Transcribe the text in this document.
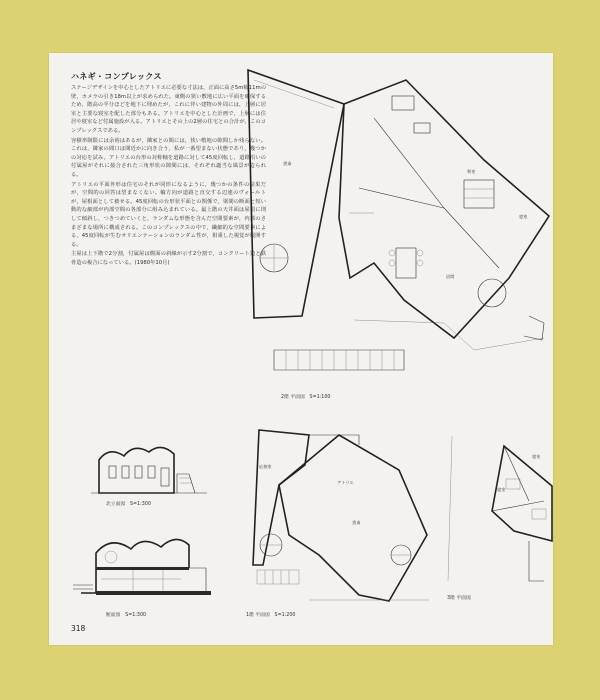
ハネギ・コンプレックス

ステージデザインを中心としたアトリエに必要な寸法は，正面に高さ5m幅11mの壁，カメラの引き18m以上が求められた。東側の狭い敷地に広い平面を確保するため，階高の半分ほどを地下に埋めたが，これに伴い建物の外周には，上層に居室と主要な寝室を配した部分もある。アトリエを中心とした計画で，上層には住居や寝室など付属施設が入る。アトリエとその上の2層の住宅との合計が，このコンプレックスである。

容積率制限には余裕はあるが，隣家との間には，狭い敷地の隙間しか残らない。これは，隣家の間口は間近かに向き合う，私が一番望まない状態であり，幾つかの対応を試み，アトリエの台形の対称軸を道路に対して45度回転し，道路沿いの付属屋がそれに接合された三角形状の隙間には，それぞれ適当な風景が造られる。

アトリエの平面外形は住宅のそれが同形になるように，幾つかの条件の結果だが，空間的の回答は望まなくない。輪方向が道路と直交する辺連のヴォールトが，屋根面として被せる。45度回転の台形状平面との関係で，梁間の断面と短い動的な細部が内部空間の各部分に組み込まれている。最上階の天井面は屋根に則して傾斜し，つきつめていくと，ランダムな形態を含んだ空間要素が，内部のさまざまな場所に構成される。このコンプレックスの中で，繊細的な空間要素による，45度回転が生むオリエンテーションのランダム性が，相乗した視覚が展開する。

主屋は上下階で2分割，付属屋は側面の斜線が示す2分割で，コンクリート造と鉄骨造の複合になっている。(1980年10月)

北立面図　S=1:300
断面図　S=1:300
書斎
和室
寝室
居間
2階 平面図　S=1:100
応接室
アトリエ
書斎
1階 平面図　S=1:200
寝室
寝室
3階 平面図
318
